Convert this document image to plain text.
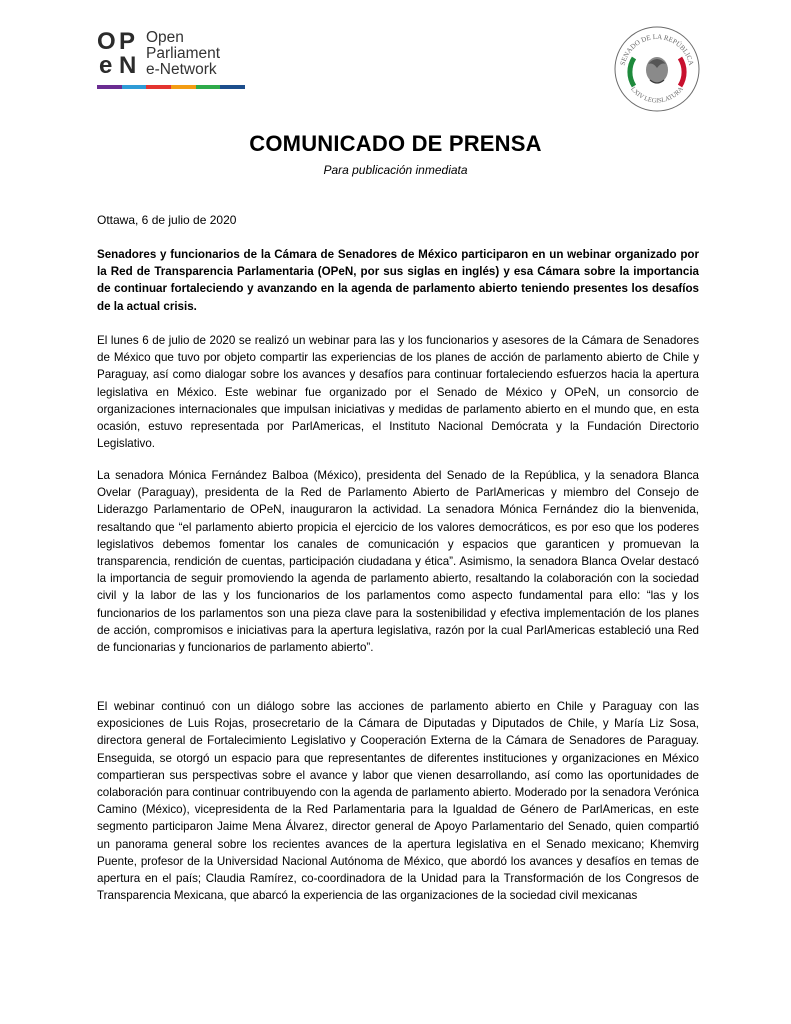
O P
e N
Open
Parliament
e-Network	SENADO DE LA REPÚBLICA
LXIV LEGISLATURA
COMUNICADO DE PRENSA
Para publicación inmediata
Ottawa, 6 de julio de 2020

Senadores y funcionarios de la Cámara de Senadores de México participaron en un webinar organizado por la Red de Transparencia Parlamentaria (OPeN, por sus siglas en inglés) y esa Cámara sobre la importancia de continuar fortaleciendo y avanzando en la agenda de parlamento abierto teniendo presentes los desafíos de la actual crisis.

El lunes 6 de julio de 2020 se realizó un webinar para las y los funcionarios y asesores de la Cámara de Senadores de México que tuvo por objeto compartir las experiencias de los planes de acción de parlamento abierto de Chile y Paraguay, así como dialogar sobre los avances y desafíos para continuar fortaleciendo esfuerzos hacia la apertura legislativa en México. Este webinar fue organizado por el Senado de México y OPeN, un consorcio de organizaciones internacionales que impulsan iniciativas y medidas de parlamento abierto en el mundo que, en esta ocasión, estuvo representada por ParlAmericas, el Instituto Nacional Demócrata y la Fundación Directorio Legislativo.

La senadora Mónica Fernández Balboa (México), presidenta del Senado de la República, y la senadora Blanca Ovelar (Paraguay), presidenta de la Red de Parlamento Abierto de ParlAmericas y miembro del Consejo de Liderazgo Parlamentario de OPeN, inauguraron la actividad. La senadora Mónica Fernández dio la bienvenida, resaltando que “el parlamento abierto propicia el ejercicio de los valores democráticos, es por eso que los poderes legislativos debemos fomentar los canales de comunicación y espacios que garanticen y promuevan la transparencia, rendición de cuentas, participación ciudadana y ética”. Asimismo, la senadora Blanca Ovelar destacó la importancia de seguir promoviendo la agenda de parlamento abierto, resaltando la colaboración con la sociedad civil y la labor de las y los funcionarios de los parlamentos como aspecto fundamental para ello: “las y los funcionarios de los parlamentos son una pieza clave para la sostenibilidad y efectiva implementación de los planes de acción, compromisos e iniciativas para la apertura legislativa, razón por la cual ParlAmericas estableció una Red de funcionarias y funcionarios de parlamento abierto”.

El webinar continuó con un diálogo sobre las acciones de parlamento abierto en Chile y Paraguay con las exposiciones de Luis Rojas, prosecretario de la Cámara de Diputadas y Diputados de Chile, y María Liz Sosa, directora general de Fortalecimiento Legislativo y Cooperación Externa de la Cámara de Senadores de Paraguay. Enseguida, se otorgó un espacio para que representantes de diferentes instituciones y organizaciones en México compartieran sus perspectivas sobre el avance y labor que vienen desarrollando, así como las oportunidades de colaboración para continuar contribuyendo con la agenda de parlamento abierto. Moderado por la senadora Verónica Camino (México), vicepresidenta de la Red Parlamentaria para la Igualdad de Género de ParlAmericas, en este segmento participaron Jaime Mena Álvarez, director general de Apoyo Parlamentario del Senado, quien compartió un panorama general sobre los recientes avances de la apertura legislativa en el Senado mexicano; Khemvirg Puente, profesor de la Universidad Nacional Autónoma de México, que abordó los avances y desafíos en temas de apertura en el país; Claudia Ramírez, co-coordinadora de la Unidad para la Transformación de los Congresos de Transparencia Mexicana, que abarcó la experiencia de las organizaciones de la sociedad civil mexicanas
